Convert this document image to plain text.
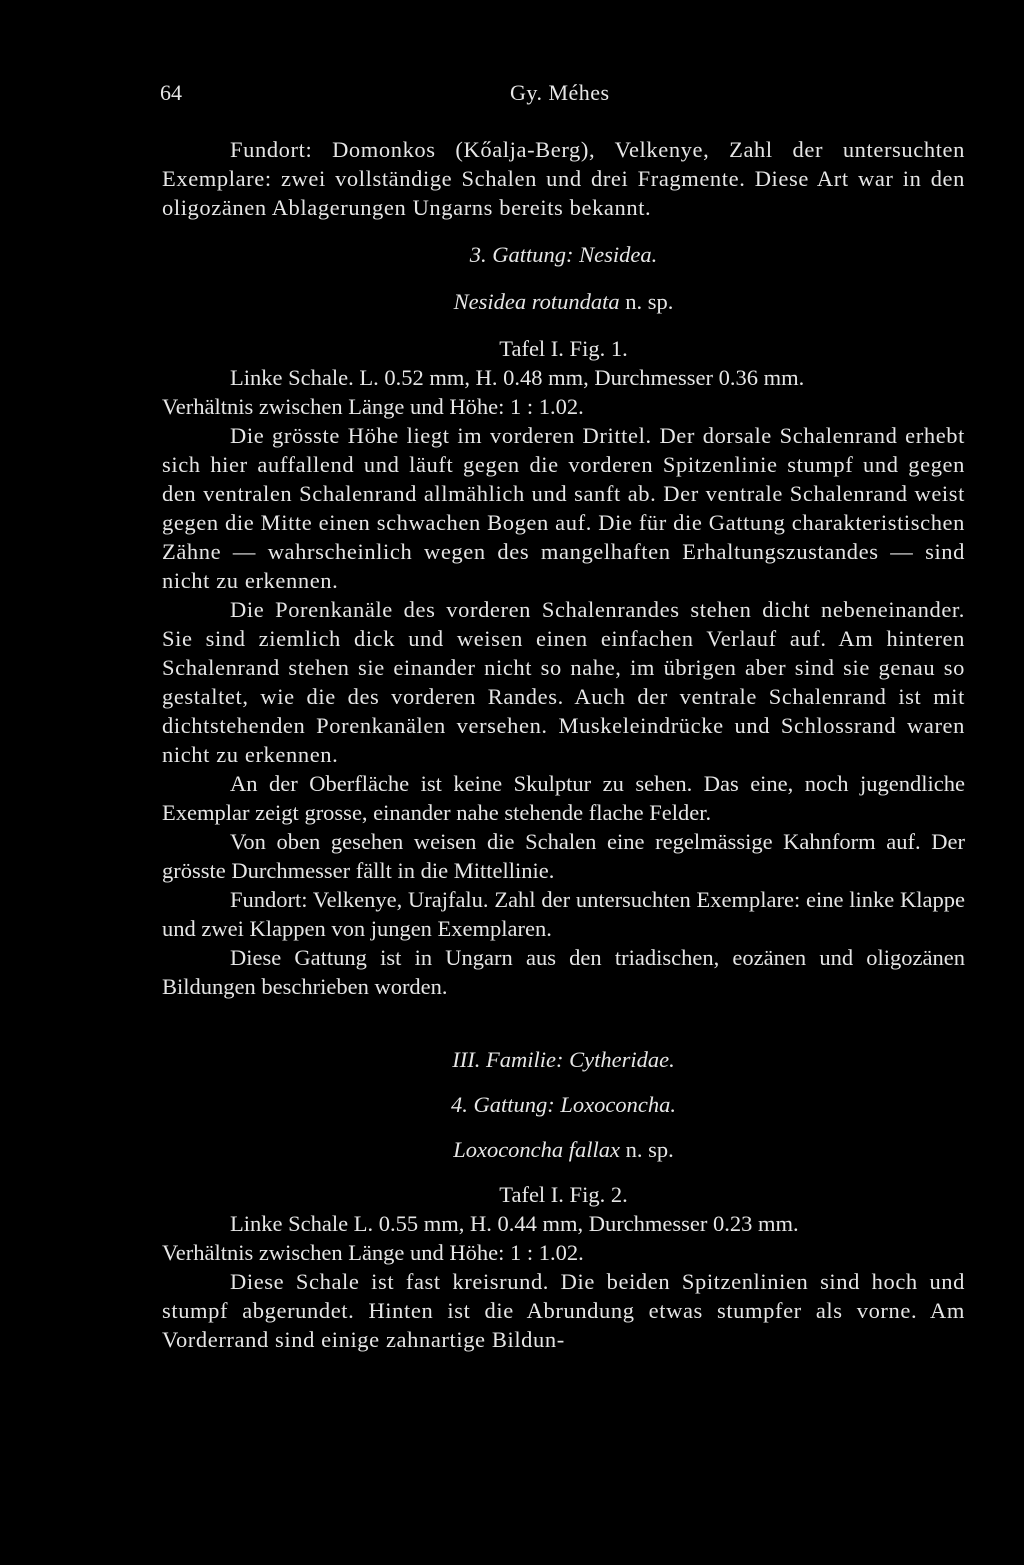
64	Gy. Méhes

Fundort: Domonkos (Kőalja-Berg), Velkenye, Zahl der untersuchten Exemplare: zwei vollständige Schalen und drei Fragmente. Diese Art war in den oligozänen Ablagerungen Ungarns bereits bekannt.

3. Gattung: Nesidea.
Nesidea rotundata n. sp.
Tafel I. Fig. 1.
Linke Schale. L. 0.52 mm, H. 0.48 mm, Durchmesser 0.36 mm.
Verhältnis zwischen Länge und Höhe: 1 : 1.02.

Die grösste Höhe liegt im vorderen Drittel. Der dorsale Schalenrand erhebt sich hier auffallend und läuft gegen die vorderen Spitzenlinie stumpf und gegen den ventralen Schalenrand allmählich und sanft ab. Der ventrale Schalenrand weist gegen die Mitte einen schwachen Bogen auf. Die für die Gattung charakteristischen Zähne — wahrscheinlich wegen des mangelhaften Erhaltungszustandes — sind nicht zu erkennen.

Die Porenkanäle des vorderen Schalenrandes stehen dicht nebeneinander. Sie sind ziemlich dick und weisen einen einfachen Verlauf auf. Am hinteren Schalenrand stehen sie einander nicht so nahe, im übrigen aber sind sie genau so gestaltet, wie die des vorderen Randes. Auch der ventrale Schalenrand ist mit dichtstehenden Porenkanälen versehen. Muskeleindrücke und Schlossrand waren nicht zu erkennen.

An der Oberfläche ist keine Skulptur zu sehen. Das eine, noch jugendliche Exemplar zeigt grosse, einander nahe stehende flache Felder.

Von oben gesehen weisen die Schalen eine regelmässige Kahnform auf. Der grösste Durchmesser fällt in die Mittellinie.

Fundort: Velkenye, Urajfalu. Zahl der untersuchten Exemplare: eine linke Klappe und zwei Klappen von jungen Exemplaren.

Diese Gattung ist in Ungarn aus den triadischen, eozänen und oligozänen Bildungen beschrieben worden.

III. Familie: Cytheridae.
4. Gattung: Loxoconcha.
Loxoconcha fallax n. sp.
Tafel I. Fig. 2.
Linke Schale L. 0.55 mm, H. 0.44 mm, Durchmesser 0.23 mm.
Verhältnis zwischen Länge und Höhe: 1 : 1.02.

Diese Schale ist fast kreisrund. Die beiden Spitzenlinien sind hoch und stumpf abgerundet. Hinten ist die Abrundung etwas stumpfer als vorne. Am Vorderrand sind einige zahnartige Bildun-
